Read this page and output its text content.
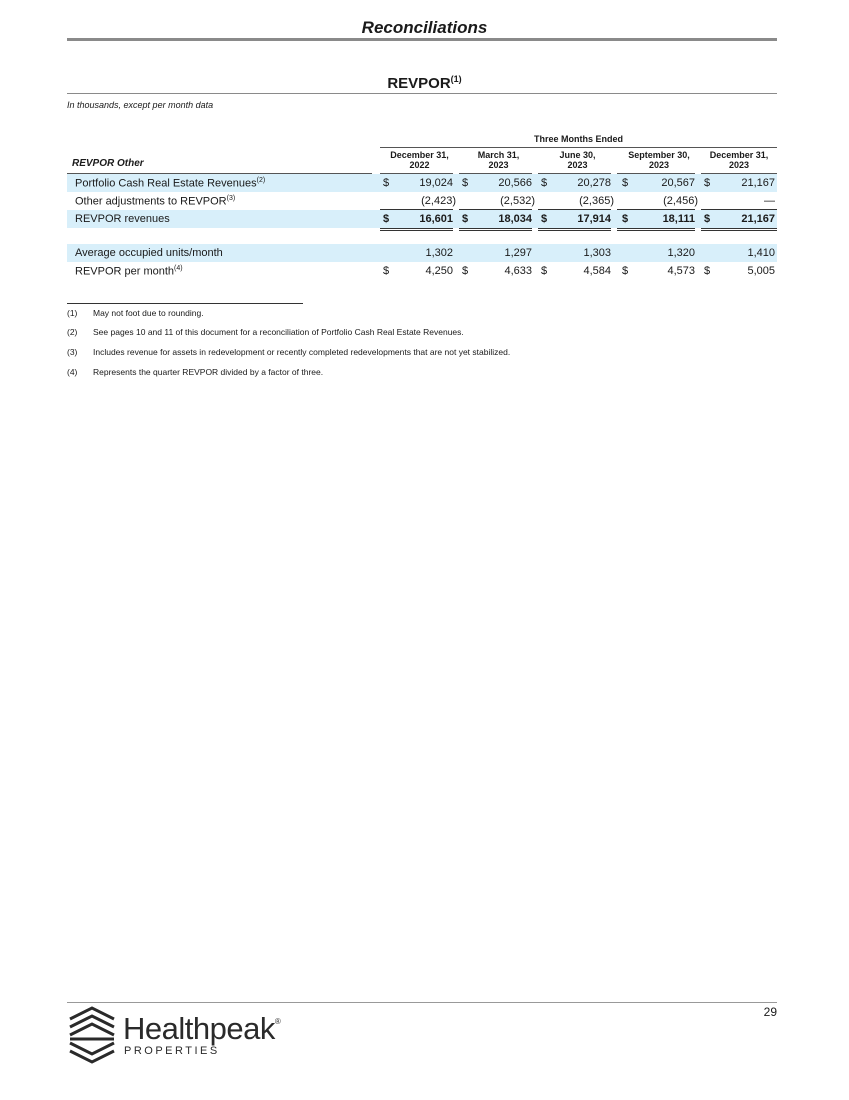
Reconciliations
REVPOR$^{(1)}$
In thousands, except per month data
Three Months Ended
December 31,
2022
March 31,
2023
June 30,
2023
September 30,
2023
December 31,
2023
REVPOR Other
Portfolio Cash Real Estate Revenues$^{(2)}$	$	19,024 $	20,566 $	20,278 $	20,567 $	21,167
Other adjustments to REVPOR$^{(3)}$	(2,423)	(2,532)	(2,365)	(2,456)	—
REVPOR revenues	$	16,601 $	18,034 $	17,914 $	18,111 $	21,167
Average occupied units/month	1,302	1,297	1,303	1,320	1,410
REVPOR per month$^{(4)}$	$	4,250 $	4,633 $	4,584 $	4,573 $	5,005
(1) May not foot due to rounding.
(2) See pages 10 and 11 of this document for a reconciliation of Portfolio Cash Real Estate Revenues.
(3) Includes revenue for assets in redevelopment or recently completed redevelopments that are not yet stabilized.
(4) Represents the quarter REVPOR divided by a factor of three.
29
Healthpeak®
PROPERTIES
